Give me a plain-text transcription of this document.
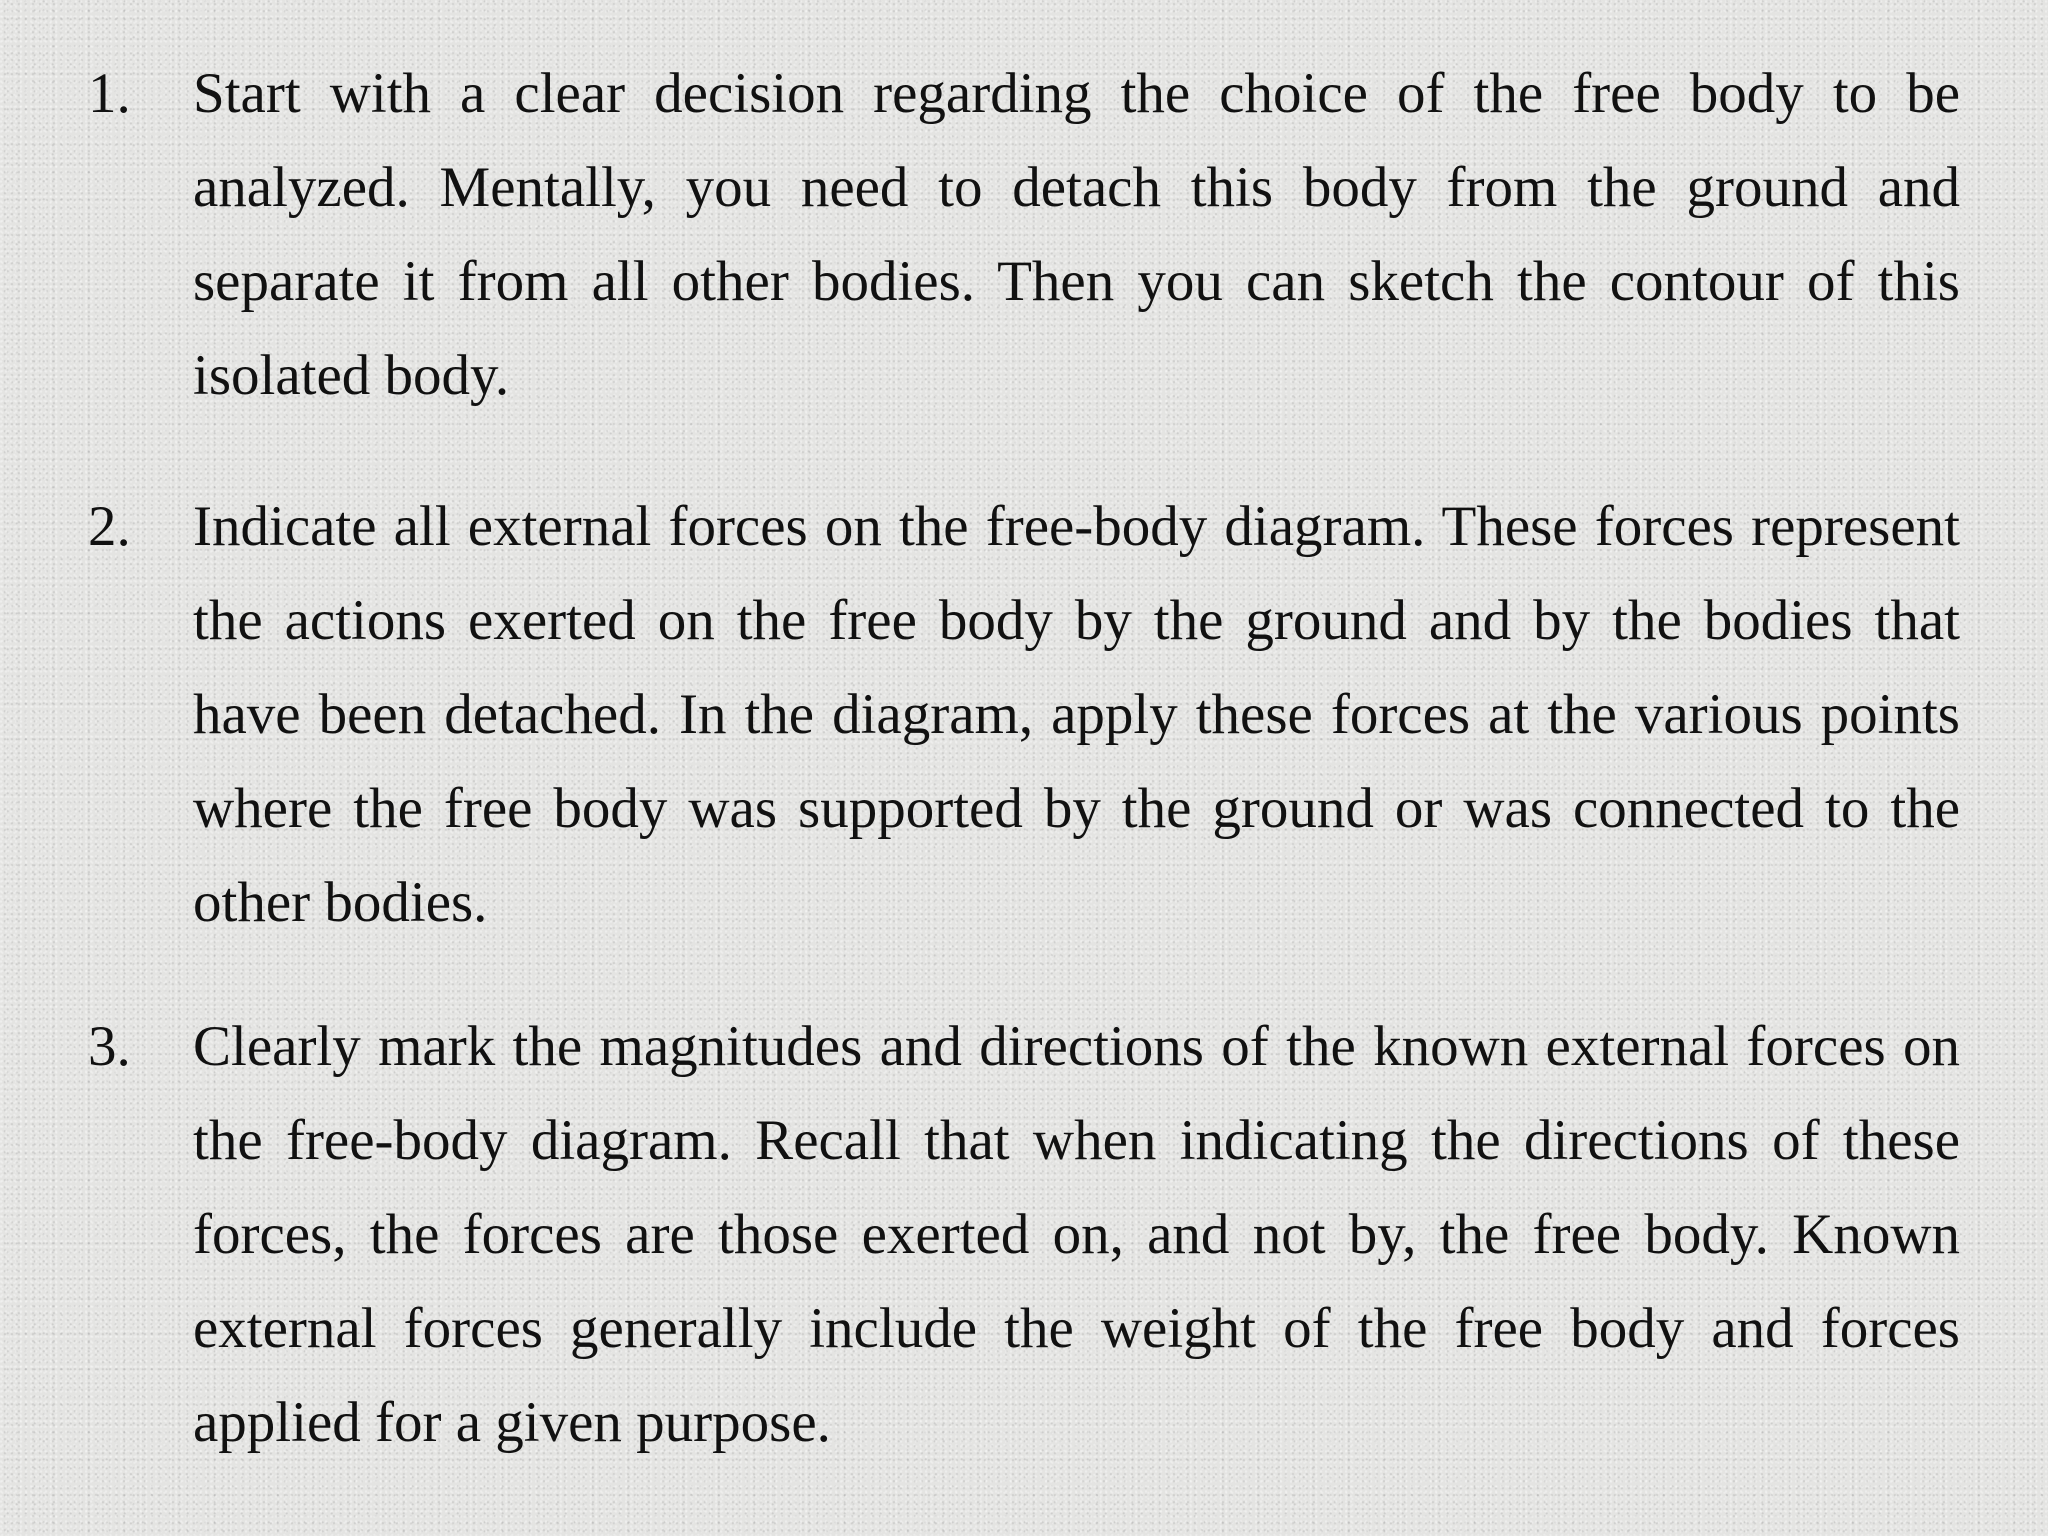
1.	Start with a clear decision regarding the choice of the free body to be analyzed. Mentally, you need to detach this body from the ground and separate it from all other bodies. Then you can sketch the contour of this isolated body.

2.	Indicate all external forces on the free-body diagram. These forces represent the actions exerted on the free body by the ground and by the bodies that have been detached. In the diagram, apply these forces at the various points where the free body was supported by the ground or was connected to the other bodies.

3.	Clearly mark the magnitudes and directions of the known external forces on the free-body diagram. Recall that when indicating the directions of these forces, the forces are those exerted on, and not by, the free body. Known external forces generally include the weight of the free body and forces applied for a given purpose.
